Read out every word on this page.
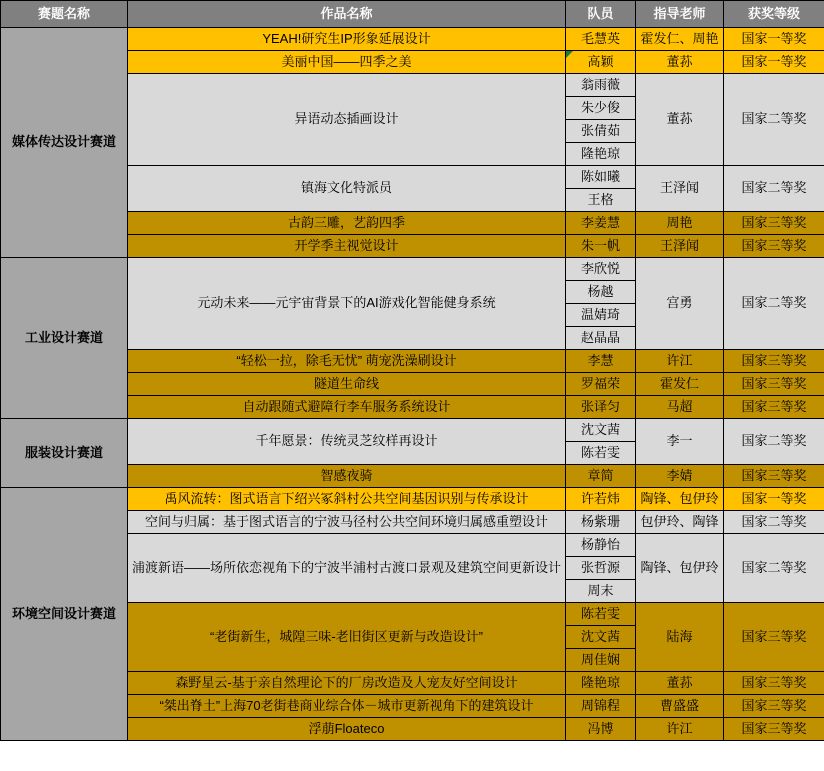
赛题名称	作品名称	队员	指导老师	获奖等级
媒体传达设计赛道	YEAH!研究生IP形象延展设计	毛慧英	霍发仁、周艳	国家一等奖
	美丽中国——四季之美	高颖	董荪	国家一等奖
	异语动态插画设计	翁雨薇	董荪	国家二等奖
		朱少俊		
		张倩茹		
		隆艳琼		
	镇海文化特派员	陈如曦	王泽闻	国家二等奖
		王格		
	古韵三雕，艺韵四季	李姜慧	周艳	国家三等奖
	开学季主视觉设计	朱一帆	王泽闻	国家三等奖
工业设计赛道	元动未来——元宇宙背景下的AI游戏化智能健身系统	李欣悦	宫勇	国家二等奖
		杨越		
		温婧琦		
		赵晶晶		
	“轻松一拉，除毛无忧” 萌宠洗澡刷设计	李慧	许江	国家三等奖
	隧道生命线	罗福荣	霍发仁	国家三等奖
	自动跟随式避障行李车服务系统设计	张译匀	马超	国家三等奖
服装设计赛道	千年愿景：传统灵芝纹样再设计	沈文茜	李一	国家二等奖
		陈若雯		
	智感夜骑	章简	李婧	国家三等奖
环境空间设计赛道	禹风流转：图式语言下绍兴冢斜村公共空间基因识别与传承设计	许若炜	陶锋、包伊玲	国家一等奖
	空间与归属：基于图式语言的宁波马径村公共空间环境归属感重塑设计	杨紫珊	包伊玲、陶锋	国家二等奖
	浦渡新语——场所依恋视角下的宁波半浦村古渡口景观及建筑空间更新设计	杨静怡	陶锋、包伊玲	国家二等奖
		张哲源		
		周末		
	“老街新生，城隍三味-老旧街区更新与改造设计”	陈若雯	陆海	国家三等奖
		沈文茜		
		周佳娴		
	森野星云-基于亲自然理论下的厂房改造及人宠友好空间设计	隆艳琼	董荪	国家三等奖
	“桀出脊土”上海70老街巷商业综合体－城市更新视角下的建筑设计	周锦程	曹盛盛	国家三等奖
	浮萠Floateco	冯博	许江	国家三等奖
